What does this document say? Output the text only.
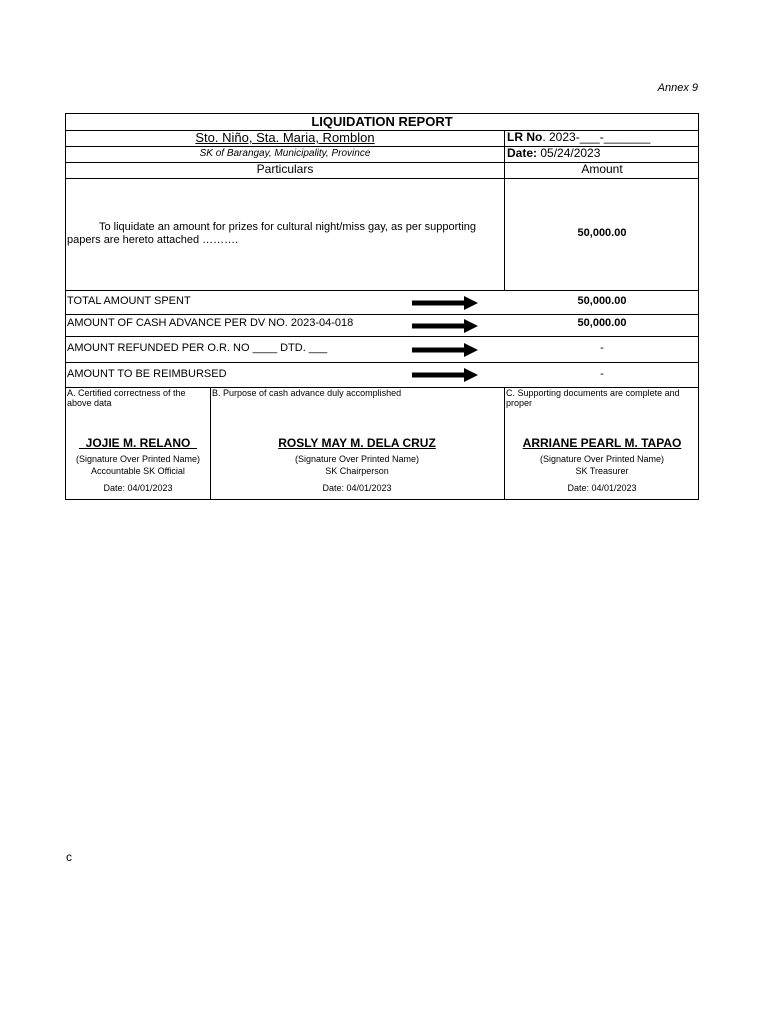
Annex 9
LIQUIDATION REPORT
Sto. Niño, Sta. Maria, Romblon	LR No. 2023-___-_______
SK of Barangay, Municipality, Province	Date: 05/24/2023
Particulars	Amount
To liquidate an amount for prizes for cultural night/miss gay, as per supporting papers are hereto attached ……….
50,000.00
TOTAL AMOUNT SPENT	50,000.00
AMOUNT OF CASH ADVANCE PER DV NO. 2023-04-018	50,000.00
AMOUNT REFUNDED PER O.R. NO ____ DTD. ___	-
AMOUNT TO BE REIMBURSED	-
A. Certified correctness of the above data
_JOJIE M. RELANO_
(Signature Over Printed Name)
Accountable SK Official
Date: 04/01/2023
B. Purpose of cash advance duly accomplished
ROSLY MAY M. DELA CRUZ
(Signature Over Printed Name)
SK Chairperson
Date: 04/01/2023
C. Supporting documents are complete and proper
ARRIANE PEARL M. TAPAO
(Signature Over Printed Name)
SK Treasurer
Date: 04/01/2023
c
